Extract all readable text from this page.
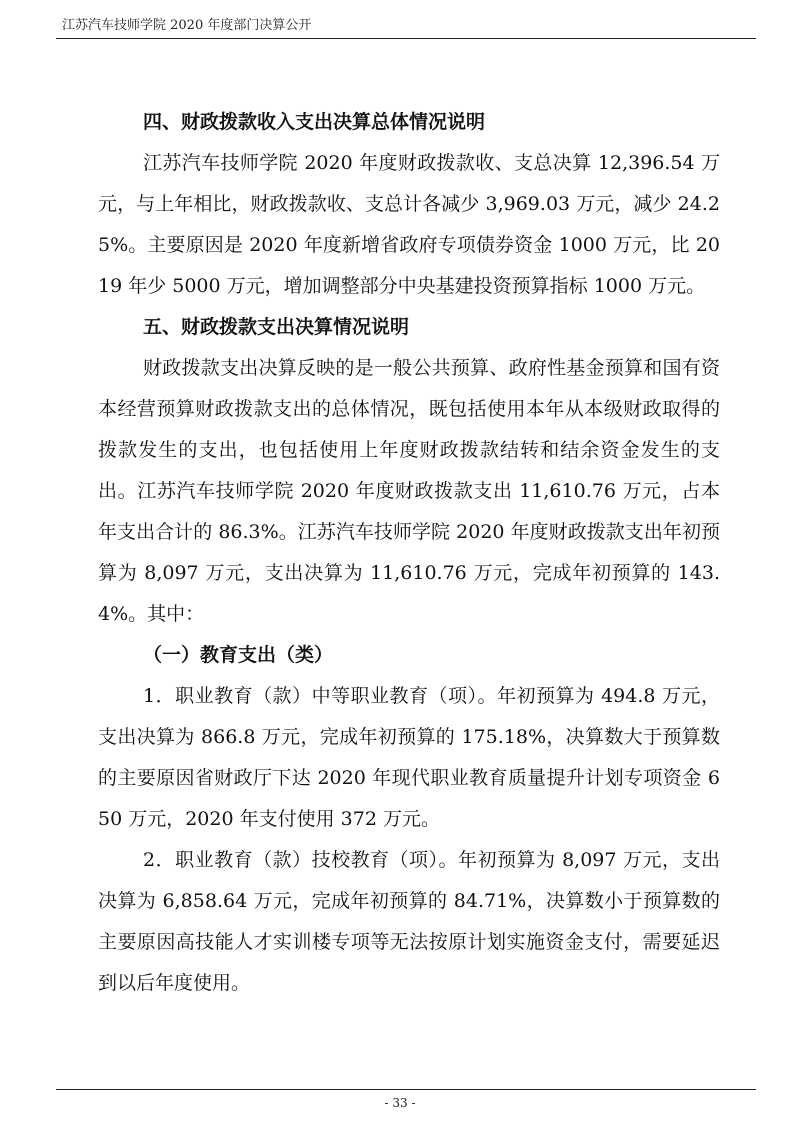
江苏汽车技师学院 2020 年度部门决算公开
四、财政拨款收入支出决算总体情况说明

江苏汽车技师学院 2020 年度财政拨款收、支总决算 12,396.54 万元，与上年相比，财政拨款收、支总计各减少 3,969.03 万元，减少 24.25%。主要原因是 2020 年度新增省政府专项债券资金 1000 万元，比 2019 年少 5000 万元，增加调整部分中央基建投资预算指标 1000 万元。

五、财政拨款支出决算情况说明

财政拨款支出决算反映的是一般公共预算、政府性基金预算和国有资本经营预算财政拨款支出的总体情况，既包括使用本年从本级财政取得的拨款发生的支出，也包括使用上年度财政拨款结转和结余资金发生的支出。江苏汽车技师学院 2020 年度财政拨款支出 11,610.76 万元，占本年支出合计的 86.3%。江苏汽车技师学院 2020 年度财政拨款支出年初预算为 8,097 万元，支出决算为 11,610.76 万元，完成年初预算的 143.4%。其中：

（一）教育支出（类）

1．职业教育（款）中等职业教育（项）。年初预算为 494.8 万元，支出决算为 866.8 万元，完成年初预算的 175.18%，决算数大于预算数的主要原因省财政厅下达 2020 年现代职业教育质量提升计划专项资金 650 万元，2020 年支付使用 372 万元。

2．职业教育（款）技校教育（项）。年初预算为 8,097 万元，支出决算为 6,858.64 万元，完成年初预算的 84.71%，决算数小于预算数的主要原因高技能人才实训楼专项等无法按原计划实施资金支付，需要延迟到以后年度使用。

- 33 -
